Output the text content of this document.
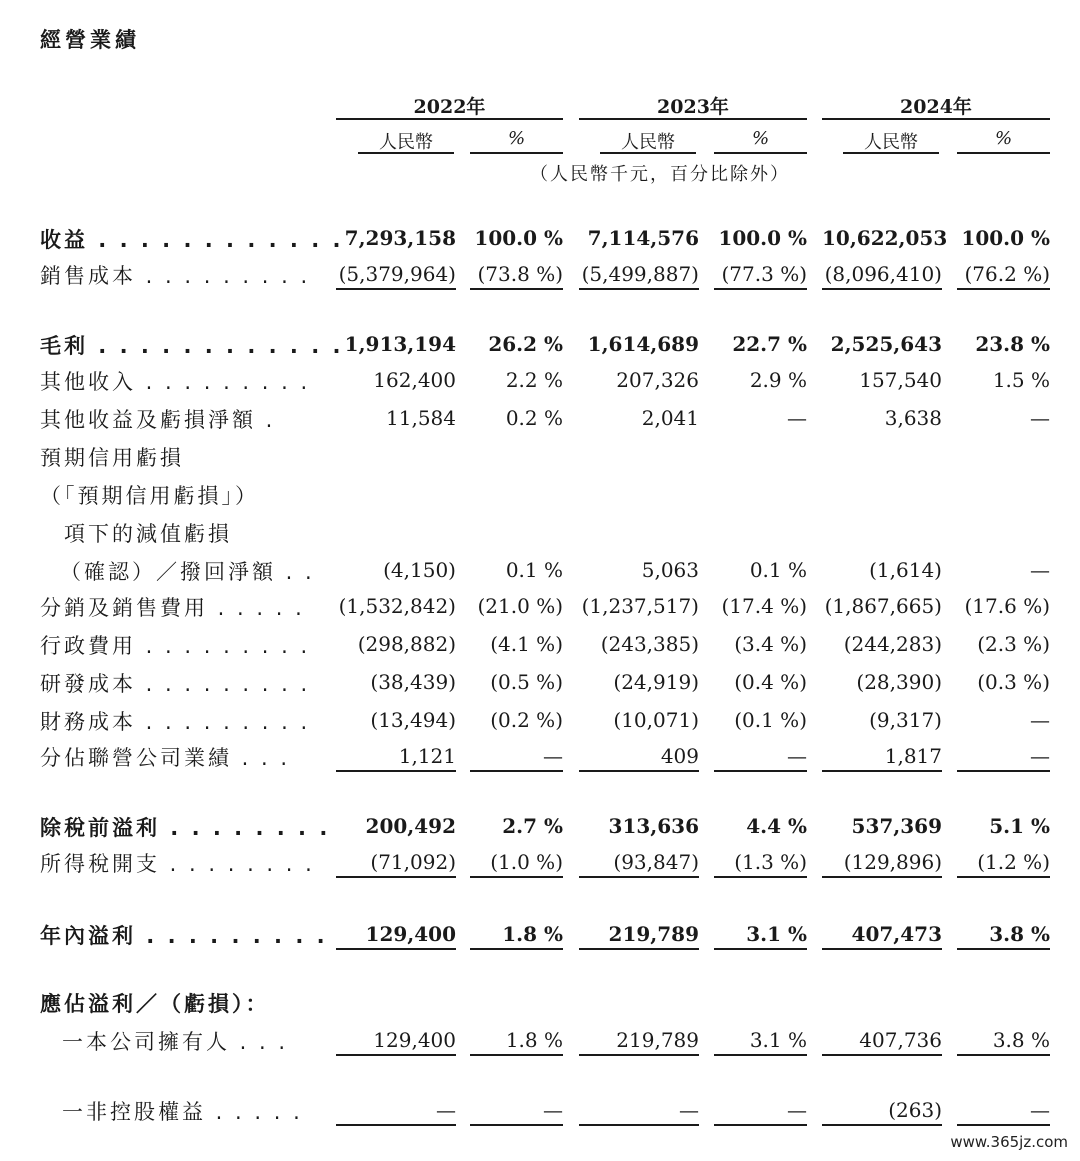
經營業績
2022年	2023年	2024年
人民幣	%	人民幣	%	人民幣	%
（人民幣千元，百分比除外）
收益 . . . . . . . . . . . . 7,293,158 100.0 %	7,114,576 100.0 % 10,622,053 100.0 %
銷售成本 . . . . . . . . . (5,379,964)	(73.8 %) (5,499,887)	(77.3 %) (8,096,410)	(76.2 %)
毛利 . . . . . . . . . . . . 1,913,194	26.2 %	1,614,689	22.7 %	2,525,643	23.8 %
其他收入 . . . . . . . . .	162,400	2.2 %	207,326	2.9 %	157,540	1.5 %
其他收益及虧損淨額 .	11,584	0.2 %	2,041	—	3,638	—
預期信用虧損
（「預期信用虧損」）
項下的減值虧損
（確認）／撥回淨額 . .	(4,150)	0.1 %	5,063	0.1 %	(1,614)	—
分銷及銷售費用 . . . . . (1,532,842)	(21.0 %) (1,237,517)	(17.4 %) (1,867,665)	(17.6 %)
行政費用 . . . . . . . . .	(298,882)	(4.1 %)	(243,385)	(3.4 %)	(244,283)	(2.3 %)
研發成本 . . . . . . . . .	(38,439)	(0.5 %)	(24,919)	(0.4 %)	(28,390)	(0.3 %)
財務成本 . . . . . . . . .	(13,494)	(0.2 %)	(10,071)	(0.1 %)	(9,317)	—
分佔聯營公司業績 . . .	1,121	—	409	—	1,817	—
除稅前溢利 . . . . . . . .	200,492	2.7 %	313,636	4.4 %	537,369	5.1 %
所得稅開支 . . . . . . . .	(71,092)	(1.0 %)	(93,847)	(1.3 %)	(129,896)	(1.2 %)
年內溢利 . . . . . . . . .	129,400	1.8 %	219,789	3.1 %	407,473	3.8 %
應佔溢利／（虧損）：
一本公司擁有人 . . .	129,400	1.8 %	219,789	3.1 %	407,736	3.8 %
一非控股權益 . . . . .	—	—	—	—	(263)	—
www.365jz.com
